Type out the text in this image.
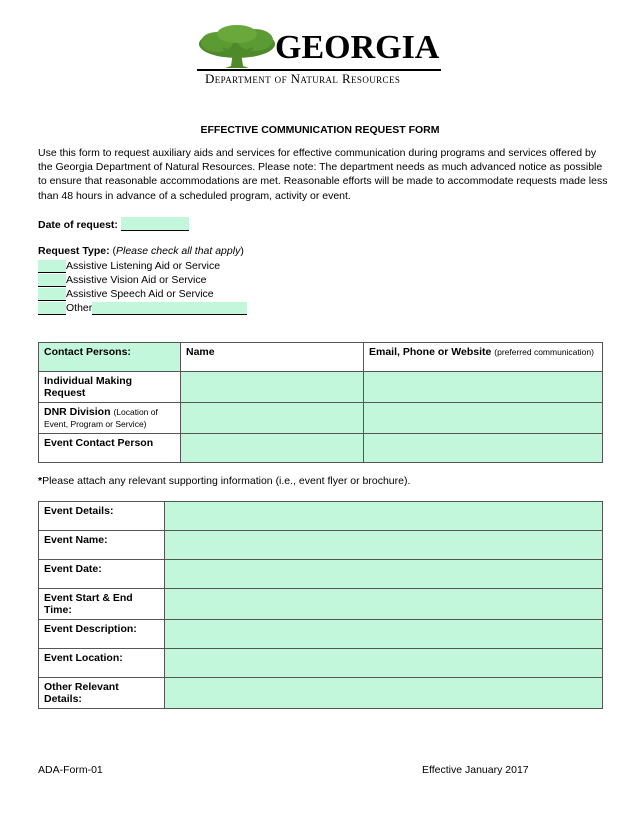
GEORGIA
Department of Natural Resources
EFFECTIVE COMMUNICATION REQUEST FORM
Use this form to request auxiliary aids and services for effective communication during programs and services offered by the Georgia Department of Natural Resources. Please note: The department needs as much advanced notice as possible to ensure that reasonable accommodations are met. Reasonable efforts will be made to accommodate requests made less than 48 hours in advance of a scheduled program, activity or event.
Date of request:
Request Type: (Please check all that apply)
Assistive Listening Aid or Service
Assistive Vision Aid or Service
Assistive Speech Aid or Service
Other
Contact Persons:	Name	Email, Phone or Website (preferred communication)
Individual Making Request		
DNR Division (Location of Event, Program or Service)		
Event Contact Person		
*Please attach any relevant supporting information (i.e., event flyer or brochure).
Event Details:	
Event Name:	
Event Date:	
Event Start & End Time:	
Event Description:	
Event Location:	
Other Relevant Details:	
ADA-Form-01	Effective January 2017
